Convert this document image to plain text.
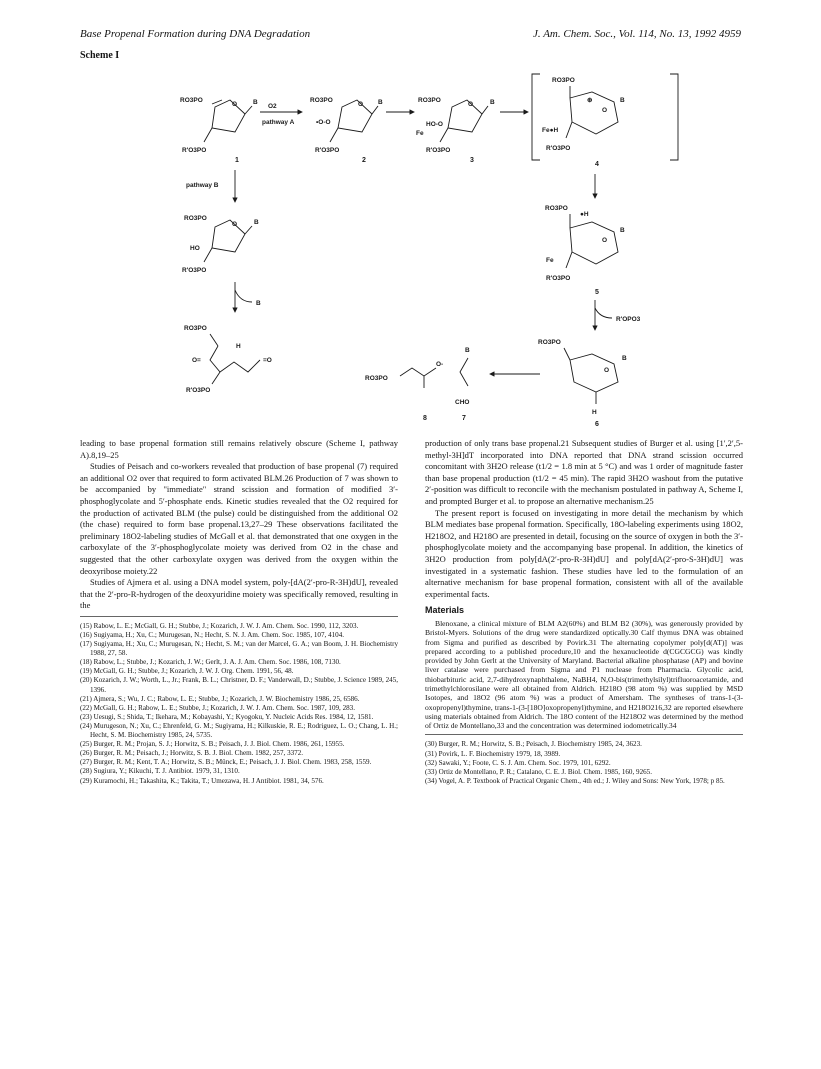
Base Propenal Formation during DNA Degradation	J. Am. Chem. Soc., Vol. 114, No. 13, 1992 4959
Scheme I
RO3PO
O B
R'O3PO
1
O2
pathway A
RO3PO
O B
•O-O
R'O3PO
2
RO3PO
O	B
HO-O
Fe
R'O3PO
3
RO3PO
⊕
O
B
Fe●H
R'O3PO
4
pathway B
RO3PO
O	B
HO
R'O3PO
B
RO3PO
H
O=	=O
R'O3PO
RO3PO
●H
O
B
Fe
R'O3PO
5
R'OPO3
RO3PO
O
B
H
6
B
CHO
7
RO3PO
O-
8

leading to base propenal formation still remains relatively obscure (Scheme I, pathway A).8,19–25

Studies of Peisach and co-workers revealed that production of base propenal (7) required an additional O2 over that required to form activated BLM.26 Production of 7 was shown to be accompanied by "immediate" strand scission and formation of modified 3′-phosphoglycolate and 5′-phosphate ends. Kinetic studies revealed that the O2 required for the production of activated BLM (the pulse) could be distinguished from the additional O2 (the chase) required to form base propenal.13,27–29 These observations facilitated the preliminary 18O2-labeling studies of McGall et al. that demonstrated that one oxygen in the carboxylate of the 3′-phosphoglycolate moiety was derived from O2 in the chase and suggested that the other carboxylate oxygen was derived from the oxygen within the deoxyribose moiety.22

Studies of Ajmera et al. using a DNA model system, poly-[dA(2′-pro-R-3H)dU], revealed that the 2′-pro-R-hydrogen of the deoxyuridine moiety was specifically removed, resulting in the

(15) Rabow, L. E.; McGall, G. H.; Stubbe, J.; Kozarich, J. W. J. Am. Chem. Soc. 1990, 112, 3203.
(16) Sugiyama, H.; Xu, C.; Murugesan, N.; Hecht, S. N. J. Am. Chem. Soc. 1985, 107, 4104.
(17) Sugiyama, H.; Xu, C.; Murugesan, N.; Hecht, S. M.; van der Marcel, G. A.; van Boom, J. H. Biochemistry 1988, 27, 58.
(18) Rabow, L.; Stubbe, J.; Kozarich, J. W.; Gerlt, J. A. J. Am. Chem. Soc. 1986, 108, 7130.
(19) McGall, G. H.; Stubbe, J.; Kozarich, J. W. J. Org. Chem. 1991, 56, 48.
(20) Kozarich, J. W.; Worth, L., Jr.; Frank, B. L.; Christner, D. F.; Vanderwall, D.; Stubbe, J. Science 1989, 245, 1396.
(21) Ajmera, S.; Wu, J. C.; Rabow, L. E.; Stubbe, J.; Kozarich, J. W. Biochemistry 1986, 25, 6586.
(22) McGall, G. H.; Rabow, L. E.; Stubbe, J.; Kozarich, J. W. J. Am. Chem. Soc. 1987, 109, 283.
(23) Uesugi, S.; Shida, T.; Ikehara, M.; Kobayashi, Y.; Kyogoku, Y. Nucleic Acids Res. 1984, 12, 1581.
(24) Murugeson, N.; Xu, C.; Ehrenfeld, G. M.; Sugiyama, H.; Kilkuskie, R. E.; Rodriguez, L. O.; Chang, L. H.; Hecht, S. M. Biochemistry 1985, 24, 5735.
(25) Burger, R. M.; Projan, S. J.; Horwitz, S. B.; Peisach, J. J. Biol. Chem. 1986, 261, 15955.
(26) Burger, R. M.; Peisach, J.; Horwitz, S. B. J. Biol. Chem. 1982, 257, 3372.
(27) Burger, R. M.; Kent, T. A.; Horwitz, S. B.; Münck, E.; Peisach, J. J. Biol. Chem. 1983, 258, 1559.
(28) Sugiura, Y.; Kikuchi, T. J. Antibiot. 1979, 31, 1310.
(29) Kuramochi, H.; Takashita, K.; Takita, T.; Umezawa, H. J Antibiot. 1981, 34, 576.

production of only trans base propenal.21 Subsequent studies of Burger et al. using [1′,2′,5-methyl-3H]dT incorporated into DNA reported that DNA strand scission occurred concomitant with 3H2O release (t1/2 = 1.8 min at 5 °C) and was 1 order of magnitude faster than base propenal production (t1/2 = 45 min). The rapid 3H2O washout from the putative 2′-position was difficult to reconcile with the mechanism postulated in pathway A, Scheme I, and prompted Burger et al. to propose an alternative mechanism.25

The present report is focused on investigating in more detail the mechanism by which BLM mediates base propenal formation. Specifically, 18O-labeling experiments using 18O2, H218O2, and H218O are presented in detail, focusing on the source of oxygen in both the 3′-phosphoglycolate moiety and the accompanying base propenal. In addition, the kinetics of 3H2O production from poly[dA(2′-pro-R-3H)dU] and poly[dA(2′-pro-S-3H)dU] was investigated in a systematic fashion. These studies have led to the formulation of an alternative mechanism for base propenal formation, consistent with all of the available experimental facts.

Materials

Blenoxane, a clinical mixture of BLM A2(60%) and BLM B2 (30%), was generously provided by Bristol-Myers. Solutions of the drug were standardized optically.30 Calf thymus DNA was obtained from Sigma and purified as described by Povirk.31 The alternating copolymer poly[d(AT)] was prepared according to a published procedure,10 and the hexanucleotide d(CGCGCG) was kindly provided by John Gerlt at the University of Maryland. Bacterial alkaline phosphatase (AP) and bovine liver catalase were purchased from Sigma and P1 nuclease from Pharmacia. Glycolic acid, thiobarbituric acid, 2,7-dihydroxynaphthalene, NaBH4, N,O-bis(trimethylsilyl)trifluoroacetamide, and trimethylchlorosilane were all obtained from Aldrich. H218O (98 atom %) was supplied by MSD Isotopes, and 18O2 (96 atom %) was a product of Amersham. The syntheses of trans-1-(3-oxopropenyl)thymine, trans-1-(3-[18O]oxopropenyl)thymine, and H218O216,32 are reported elsewhere using materials obtained from Aldrich. The 18O content of the H218O2 was determined by the method of Ortiz de Montellano,33 and the concentration was determined iodometrically.34

(30) Burger, R. M.; Horwitz, S. B.; Peisach, J. Biochemistry 1985, 24, 3623.
(31) Povirk, L. F. Biochemistry 1979, 18, 3989.
(32) Sawaki, Y.; Foote, C. S. J. Am. Chem. Soc. 1979, 101, 6292.
(33) Ortiz de Montellano, P. R.; Catalano, C. E. J. Biol. Chem. 1985, 160, 9265.
(34) Vogel, A. P. Textbook of Practical Organic Chem., 4th ed.; J. Wiley and Sons: New York, 1978; p 85.
